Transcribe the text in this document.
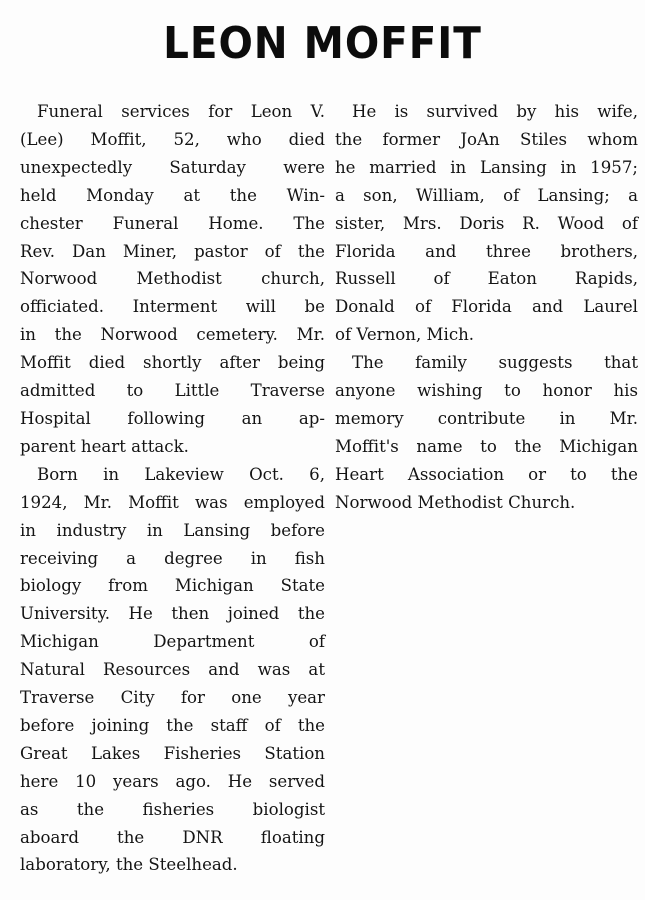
LEON MOFFIT

Funeral services for Leon V.
(Lee) Moffit, 52, who died
unexpectedly Saturday were
held Monday at the Win-
chester Funeral Home. The
Rev. Dan Miner, pastor of the
Norwood Methodist church,
officiated. Interment will be
in the Norwood cemetery. Mr.
Moffit died shortly after being
admitted to Little Traverse
Hospital following an ap-
parent heart attack.

Born in Lakeview Oct. 6,
1924, Mr. Moffit was employed
in industry in Lansing before
receiving a degree in fish
biology from Michigan State
University. He then joined the
Michigan Department of
Natural Resources and was at
Traverse City for one year
before joining the staff of the
Great Lakes Fisheries Station
here 10 years ago. He served
as the fisheries biologist
aboard the DNR floating
laboratory, the Steelhead.

He is survived by his wife,
the former JoAn Stiles whom
he married in Lansing in 1957;
a son, William, of Lansing; a
sister, Mrs. Doris R. Wood of
Florida and three brothers,
Russell of Eaton Rapids,
Donald of Florida and Laurel
of Vernon, Mich.

The family suggests that
anyone wishing to honor his
memory contribute in Mr.
Moffit's name to the Michigan
Heart Association or to the
Norwood Methodist Church.
